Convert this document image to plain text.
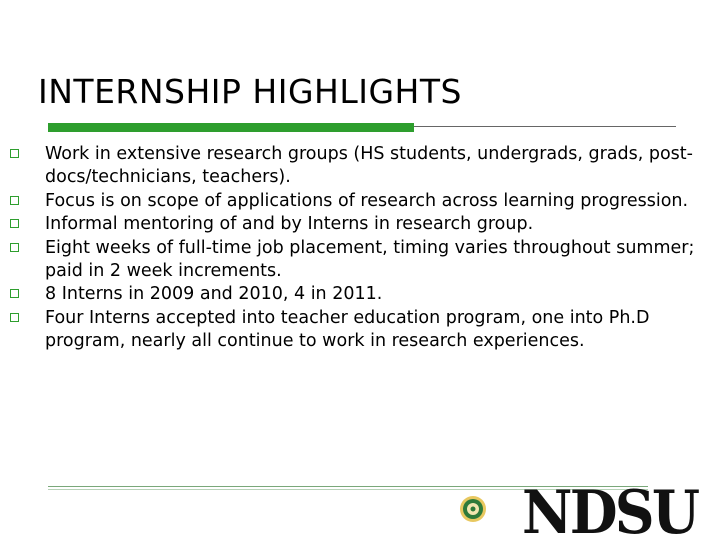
INTERNSHIP HIGHLIGHTS
Work in extensive research groups (HS students, undergrads, grads, post-docs/technicians, teachers).
Focus is on scope of applications of research across learning progression.
Informal mentoring of and by Interns in research group.
Eight weeks of full-time job placement, timing varies throughout summer; paid in 2 week increments.
8 Interns in 2009 and 2010, 4 in 2011.
Four Interns accepted into teacher education program, one into Ph.D program, nearly all continue to work in research experiences.
NDSU
